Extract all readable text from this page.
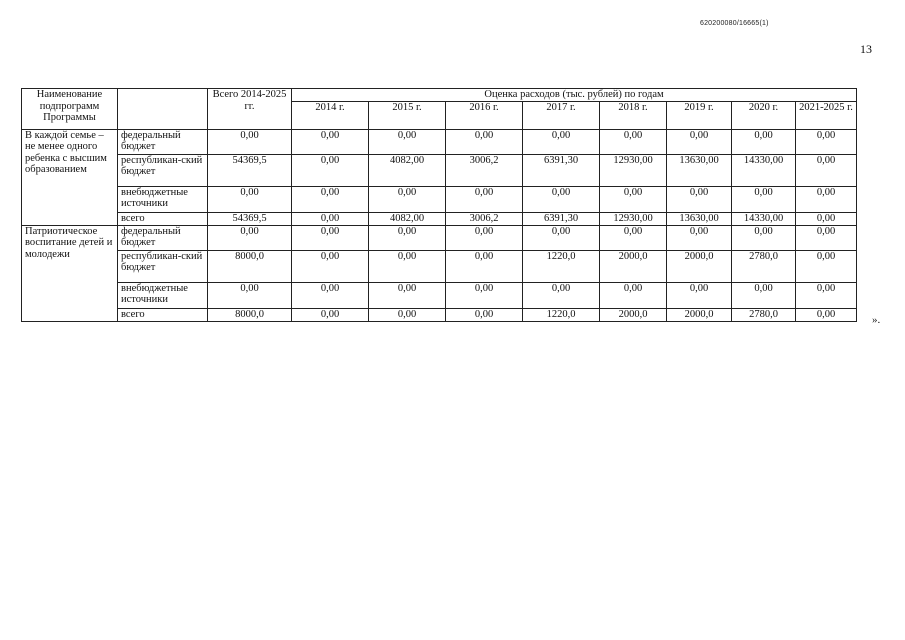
620200080/16665(1)
13
Наименование подпрограмм Программы		Всего 2014-2025 гг.	Оценка расходов (тыс. рублей) по годам							
			2014 г.	2015 г.	2016 г.	2017 г.	2018 г.	2019 г.	2020 г.	2021-2025 г.
В каждой семье – не менее одного ребенка с высшим образованием	федеральный бюджет	0,00	0,00	0,00	0,00	0,00	0,00	0,00	0,00	0,00
	республикан-ский бюджет	54369,5	0,00	4082,00	3006,2	6391,30	12930,00	13630,00	14330,00	0,00
	внебюджетные источники	0,00	0,00	0,00	0,00	0,00	0,00	0,00	0,00	0,00
	всего	54369,5	0,00	4082,00	3006,2	6391,30	12930,00	13630,00	14330,00	0,00
Патриотическое воспитание детей и молодежи	федеральный бюджет	0,00	0,00	0,00	0,00	0,00	0,00	0,00	0,00	0,00
	республикан-ский бюджет	8000,0	0,00	0,00	0,00	1220,0	2000,0	2000,0	2780,0	0,00
	внебюджетные источники	0,00	0,00	0,00	0,00	0,00	0,00	0,00	0,00	0,00
	всего	8000,0	0,00	0,00	0,00	1220,0	2000,0	2000,0	2780,0	0,00	».
